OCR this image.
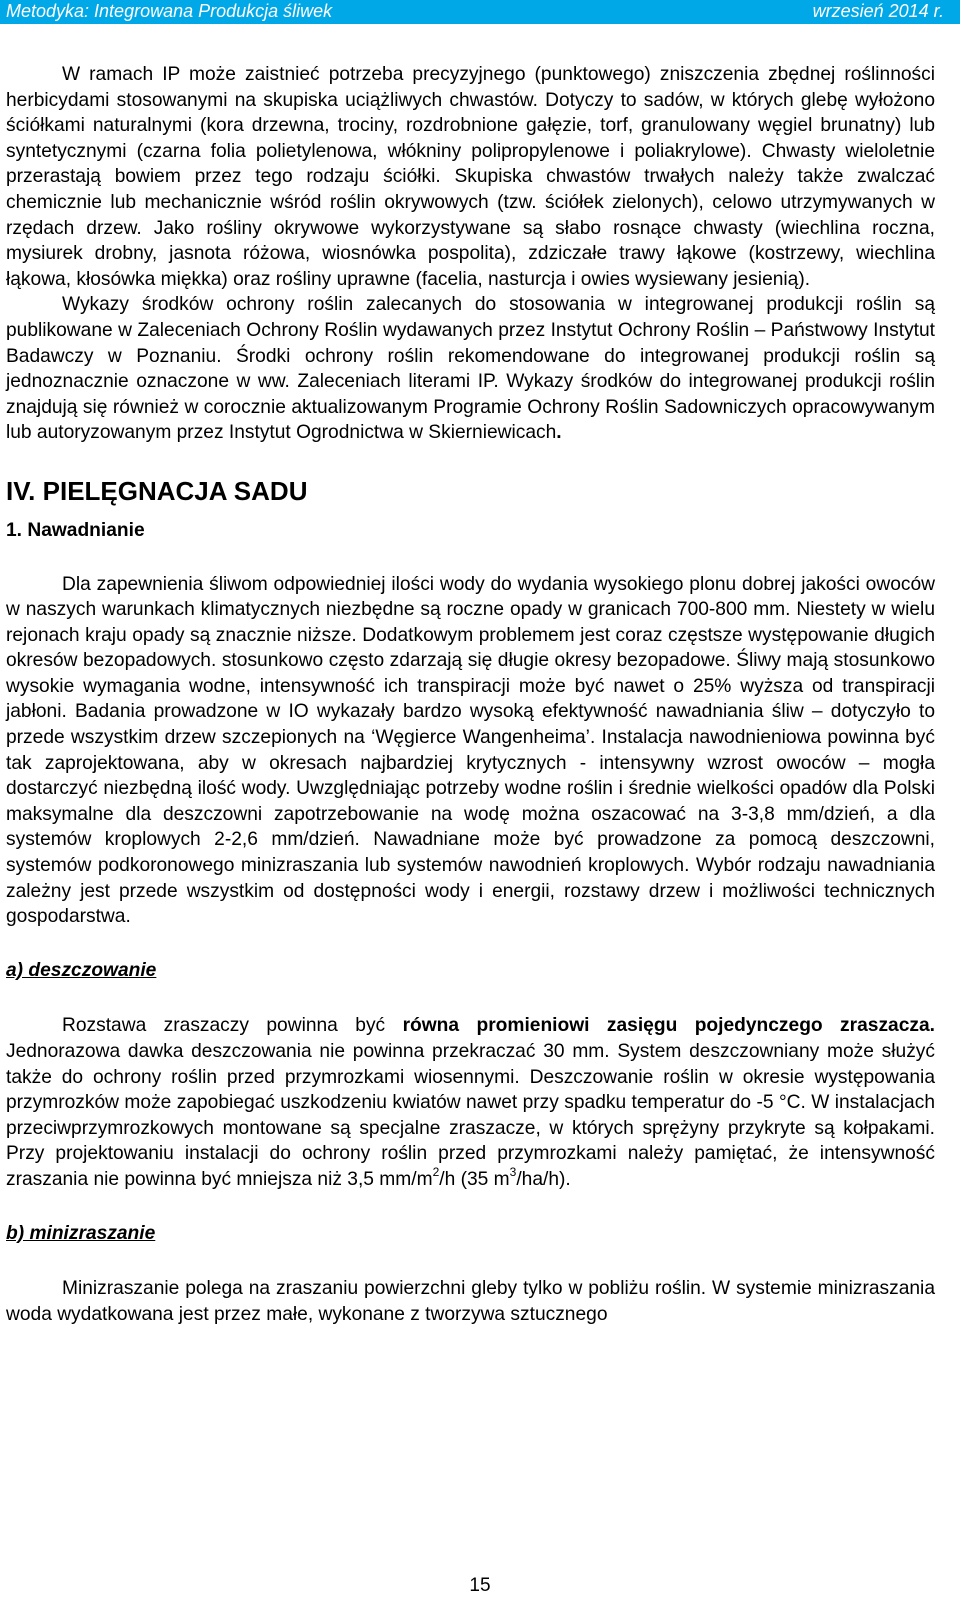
Metodyka: Integrowana Produkcja śliwek	wrzesień 2014 r.

W ramach IP może zaistnieć potrzeba precyzyjnego (punktowego) zniszczenia zbędnej roślinności herbicydami stosowanymi na skupiska uciążliwych chwastów. Dotyczy to sadów, w których glebę wyłożono ściółkami naturalnymi (kora drzewna, trociny, rozdrobnione gałęzie, torf, granulowany węgiel brunatny) lub syntetycznymi (czarna folia polietylenowa, włókniny polipropylenowe i poliakrylowe). Chwasty wieloletnie przerastają bowiem przez tego rodzaju ściółki. Skupiska chwastów trwałych należy także zwalczać chemicznie lub mechanicznie wśród roślin okrywowych (tzw. ściółek zielonych), celowo utrzymywanych w rzędach drzew. Jako rośliny okrywowe wykorzystywane są słabo rosnące chwasty (wiechlina roczna, mysiurek drobny, jasnota różowa, wiosnówka pospolita), zdziczałe trawy łąkowe (kostrzewy, wiechlina łąkowa, kłosówka miękka) oraz rośliny uprawne (facelia, nasturcja i owies wysiewany jesienią).

Wykazy środków ochrony roślin zalecanych do stosowania w integrowanej produkcji roślin są publikowane w Zaleceniach Ochrony Roślin wydawanych przez Instytut Ochrony Roślin – Państwowy Instytut Badawczy w Poznaniu. Środki ochrony roślin rekomendowane do integrowanej produkcji roślin są jednoznacznie oznaczone w ww. Zaleceniach literami IP. Wykazy środków do integrowanej produkcji roślin znajdują się również w corocznie aktualizowanym Programie Ochrony Roślin Sadowniczych opracowywanym lub autoryzowanym przez Instytut Ogrodnictwa w Skierniewicach.

IV. PIELĘGNACJA SADU
1. Nawadnianie

Dla zapewnienia śliwom odpowiedniej ilości wody do wydania wysokiego plonu dobrej jakości owoców w naszych warunkach klimatycznych niezbędne są roczne opady w granicach 700-800 mm. Niestety w wielu rejonach kraju opady są znacznie niższe. Dodatkowym problemem jest coraz częstsze występowanie długich okresów bezopadowych. stosunkowo często zdarzają się długie okresy bezopadowe. Śliwy mają stosunkowo wysokie wymagania wodne, intensywność ich transpiracji może być nawet o 25% wyższa od transpiracji jabłoni. Badania prowadzone w IO wykazały bardzo wysoką efektywność nawadniania śliw – dotyczyło to przede wszystkim drzew szczepionych na ‘Węgierce Wangenheima’. Instalacja nawodnieniowa powinna być tak zaprojektowana, aby w okresach najbardziej krytycznych - intensywny wzrost owoców – mogła dostarczyć niezbędną ilość wody. Uwzględniając potrzeby wodne roślin i średnie wielkości opadów dla Polski maksymalne dla deszczowni zapotrzebowanie na wodę można oszacować na 3-3,8 mm/dzień, a dla systemów kroplowych 2-2,6 mm/dzień. Nawadniane może być prowadzone za pomocą deszczowni, systemów podkoronowego minizraszania lub systemów nawodnień kroplowych. Wybór rodzaju nawadniania zależny jest przede wszystkim od dostępności wody i energii, rozstawy drzew i możliwości technicznych gospodarstwa.

a) deszczowanie

Rozstawa zraszaczy powinna być równa promieniowi zasięgu pojedynczego zraszacza. Jednorazowa dawka deszczowania nie powinna przekraczać 30 mm. System deszczowniany może służyć także do ochrony roślin przed przymrozkami wiosennymi. Deszczowanie roślin w okresie występowania przymrozków może zapobiegać uszkodzeniu kwiatów nawet przy spadku temperatur do -5 °C. W instalacjach przeciwprzymrozkowych montowane są specjalne zraszacze, w których sprężyny przykryte są kołpakami. Przy projektowaniu instalacji do ochrony roślin przed przymrozkami należy pamiętać, że intensywność zraszania nie powinna być mniejsza niż 3,5 $mm/m^2/h$ (35 $m^3/ha/h$).

b) minizraszanie

Minizraszanie polega na zraszaniu powierzchni gleby tylko w pobliżu roślin. W systemie minizraszania woda wydatkowana jest przez małe, wykonane z tworzywa sztucznego

15
